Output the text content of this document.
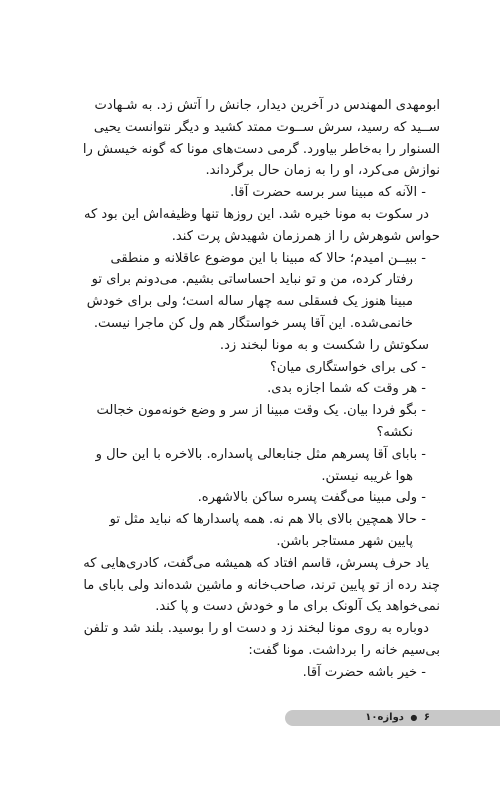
ابومهدی المهندس در آخرین دیدار، جانش را آتش زد. به شـهادت

ســید که رسید، سرش ســوت ممتد کشید و دیگر نتوانست یحیی

السنوار را به‌خاطر بیاورد. گرمی دست‌های مونا که گونه خیسش را

نوازش می‌کرد، او را به زمان حال برگرداند.

- الآنه که مبینا سر برسه حضرت آقا.

در سکوت به مونا خیره شد. این روزها تنها وظیفه‌اش این بود که

حواس شوهرش را از همرزمان شهیدش پرت کند.

- ببیــن امیدم؛ حالا که مبینا با این موضوع عاقلانه و منطقی

رفتار کرده، من و تو نباید احساساتی بشیم. می‌دونم برای تو

مبینا هنوز یک فسقلی سه چهار ساله است؛ ولی برای خودش

خانمی‌شده. این آقا پسر خواستگار هم ول کن ماجرا نیست.

سکوتش را شکست و به مونا لبخند زد.

- کی برای خواستگاری میان؟

- هر وقت که شما اجازه بدی.

- بگو فردا بیان. یک وقت مبینا از سر و وضع خونه‌مون خجالت

نکشه؟

- بابای آقا پسرهم مثل جنابعالی پاسداره. بالاخره با این حال و

هوا غریبه نیستن.

- ولی مبینا می‌گفت پسره ساکن بالاشهره.

- حالا همچین بالای بالا هم نه. همه پاسدارها که نباید مثل تو

پایین شهر مستاجر باشن.

یاد حرف پسرش، قاسم افتاد که همیشه می‌گفت، کادری‌هایی که

چند رده از تو پایین ترند، صاحب‌خانه و ماشین شده‌اند ولی بابای ما

نمی‌خواهد یک آلونک برای ما و خودش دست و پا کند.

دوباره به روی مونا لبخند زد و دست او را بوسید. بلند شد و تلفن

بی‌سیم خانه را برداشت. مونا گفت:

- خیر باشه حضرت آقا.

۶ ● دوازه۱۰
